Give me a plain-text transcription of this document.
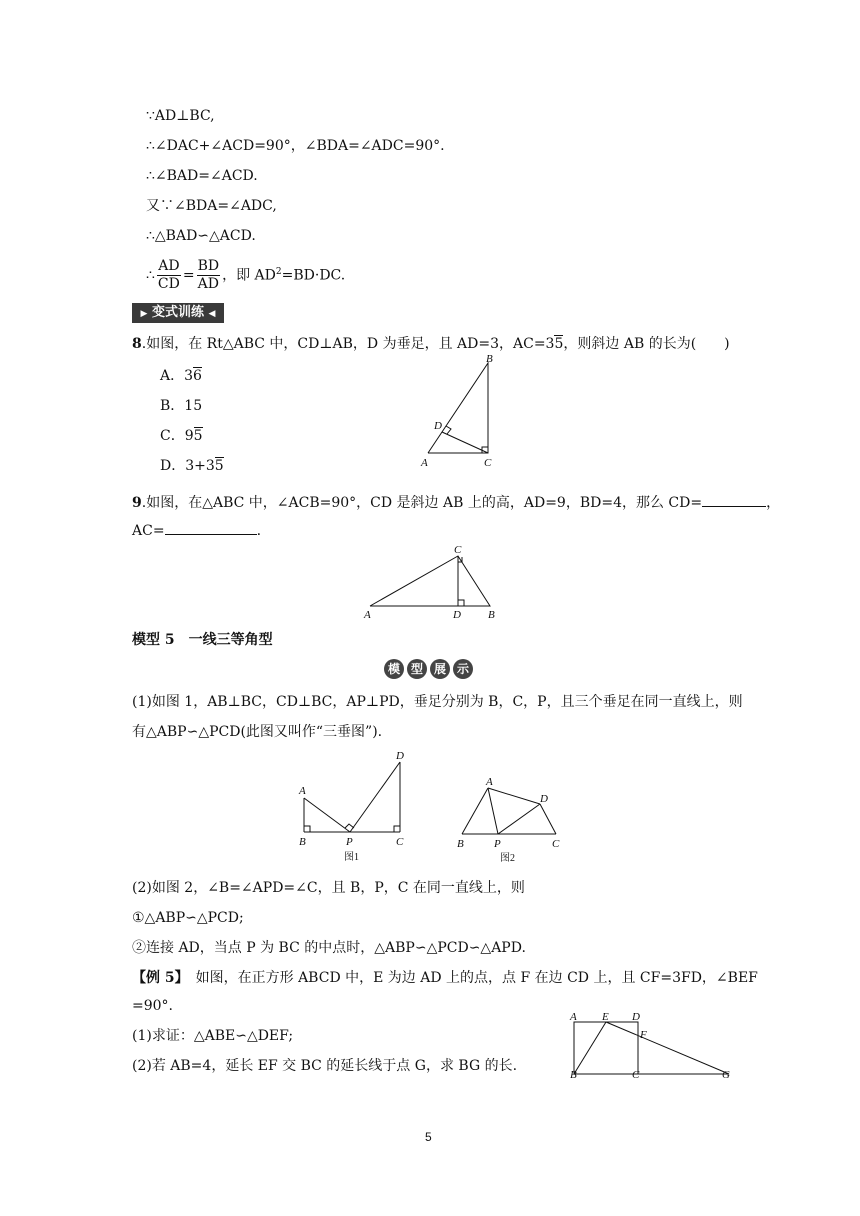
∵AD⊥BC,
∴∠DAC+∠ACD=90°，∠BDA=∠ADC=90°.
∴∠BAD=∠ACD.
又∵∠BDA=∠ADC,
∴△BAD∽△ACD.
∴ $\frac{AD}{CD} = \frac{BD}{AD}$ ，即 $AD^2=BD\cdot DC$.
▶ 变式训练 ◀
8.如图，在 Rt△ABC 中，CD⊥AB，D 为垂足，且 AD=3，AC=35，则斜边 AB 的长为(　　)
A．36
B．15
C．95
D．3+35	A	C
B
D
9.如图，在△ABC 中，∠ACB=90°，CD 是斜边 AB 上的高，AD=9，BD=4，那么 CD=	，
AC=	.
A	D B
C
模型 5　一线三等角型
模 型 展 示
(1)如图 1，AB⊥BC，CD⊥BC，AP⊥PD，垂足分别为 B，C，P，且三个垂足在同一直线上，则
有△ABP∽△PCD(此图又叫作“三垂图”).
A
B	P	C
D
图1
A
D
B	P	C
图2
(2)如图 2，∠B=∠APD=∠C，且 B，P，C 在同一直线上，则
①△ABP∽△PCD;
②连接 AD，当点 P 为 BC 的中点时，△ABP∽△PCD∽△APD.
【例 5】　如图，在正方形 ABCD 中，E 为边 AD 上的点，点 F 在边 CD 上，且 CF=3FD，∠BEF
=90°.
(1)求证：△ABE∽△DEF;
(2)若 AB=4，延长 EF 交 BC 的延长线于点 G，求 BG 的长.
A E D
F
B	C	G
5
